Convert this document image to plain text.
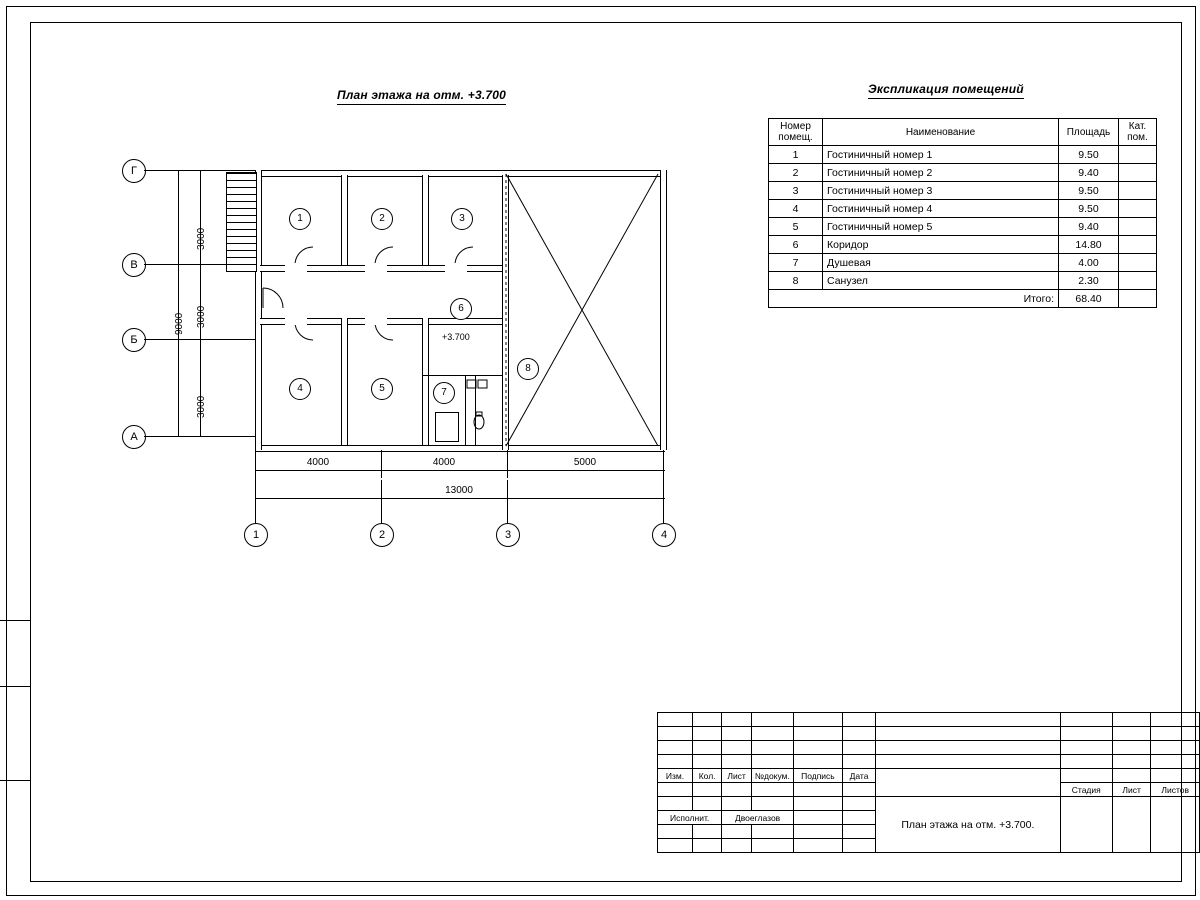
План этажа на отм. +3.700	Экспликация помещений
1	2	3
4	5
6
7
8
+3.700
Г
В
Б
А
3000
3000
3000
9000
4000	4000	5000
13000
1	2	3	4
Номер
помещ.	Наименование	Площадь	Кат.
пом.
1	Гостиничный номер 1	9.50	
2	Гостиничный номер 2	9.40	
3	Гостиничный номер 3	9.50	
4	Гостиничный номер 4	9.50	
5	Гостиничный номер 5	9.40	
6	Коридор	14.80	
7	Душевая	4.00	
8	Санузел	2.30	
Итого:		68.40	

Изм.	Кол.	Лист	№докум.	Подпись	Дата				
							Стадия	Лист	Листов
						План этажа на отм. +3.700.			
Исполнит.		Двоеглазов							
